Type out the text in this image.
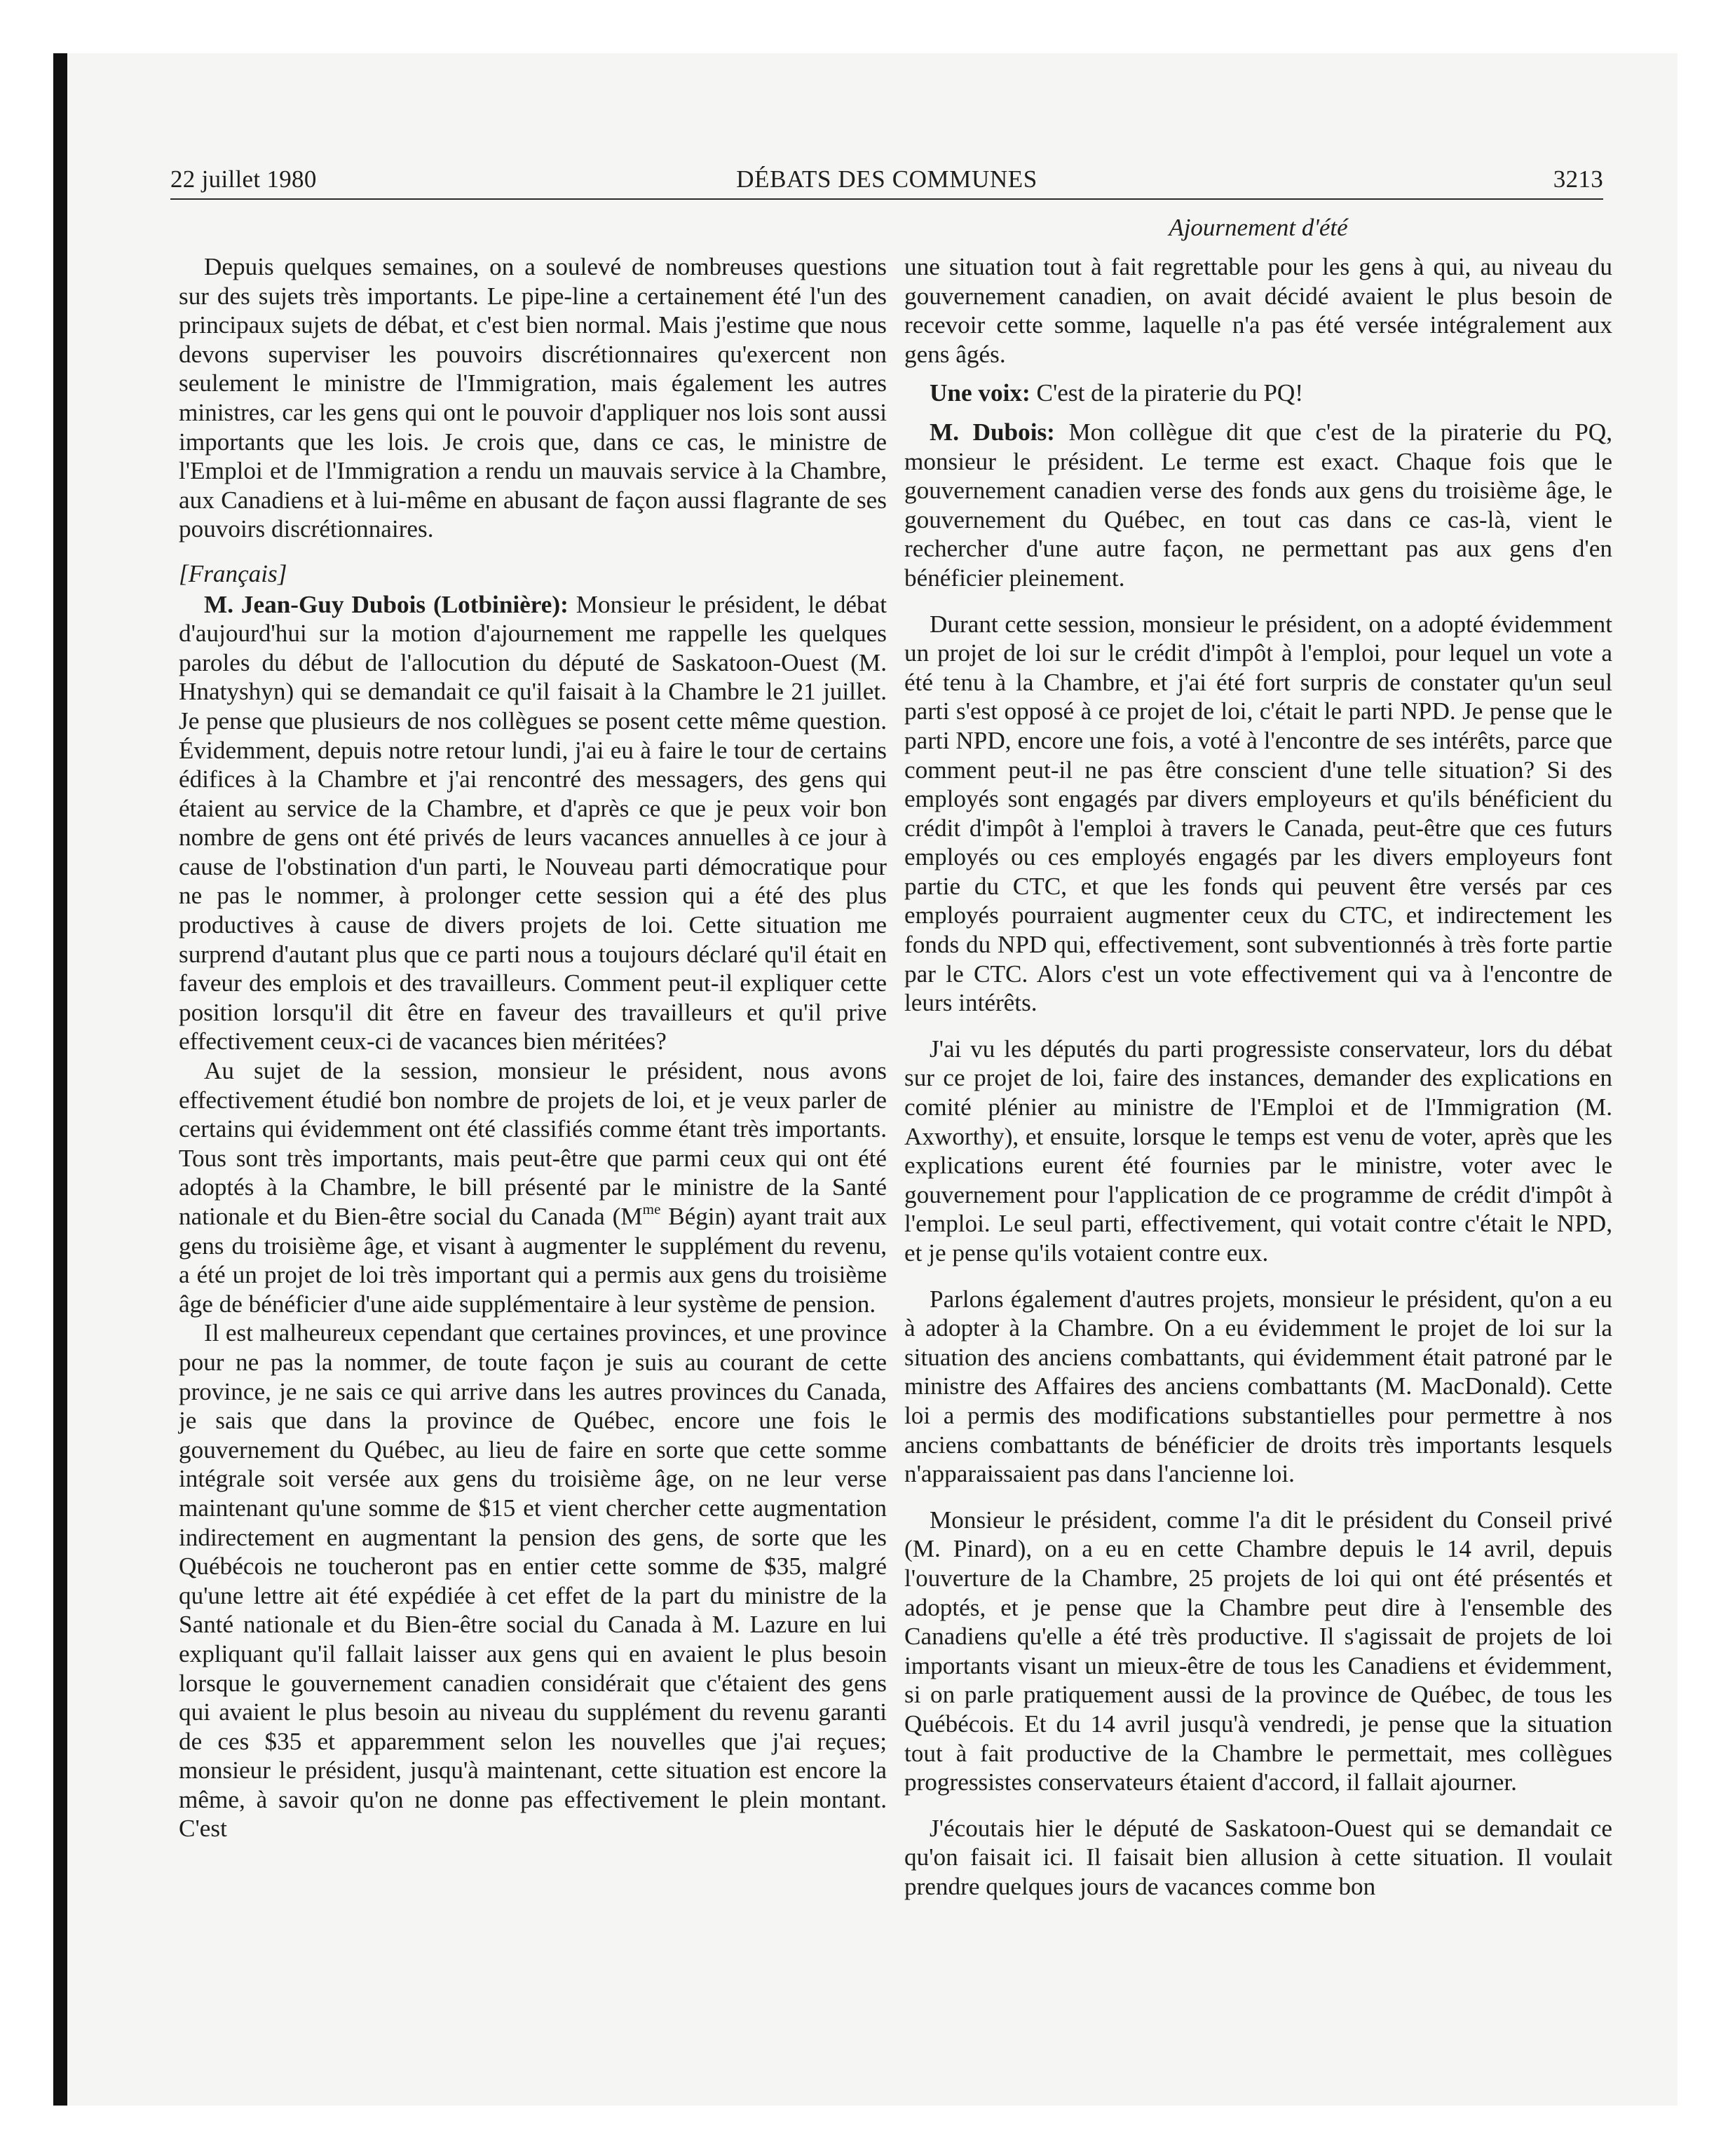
22 juillet 1980	DÉBATS DES COMMUNES	3213
Ajournement d'été

Depuis quelques semaines, on a soulevé de nombreuses questions sur des sujets très importants. Le pipe-line a certainement été l'un des principaux sujets de débat, et c'est bien normal. Mais j'estime que nous devons superviser les pouvoirs discrétionnaires qu'exercent non seulement le ministre de l'Immigration, mais également les autres ministres, car les gens qui ont le pouvoir d'appliquer nos lois sont aussi importants que les lois. Je crois que, dans ce cas, le ministre de l'Emploi et de l'Immigration a rendu un mauvais service à la Chambre, aux Canadiens et à lui-même en abusant de façon aussi flagrante de ses pouvoirs discrétionnaires.

[Français]

M. Jean-Guy Dubois (Lotbinière): Monsieur le président, le débat d'aujourd'hui sur la motion d'ajournement me rappelle les quelques paroles du début de l'allocution du député de Saskatoon-Ouest (M. Hnatyshyn) qui se demandait ce qu'il faisait à la Chambre le 21 juillet. Je pense que plusieurs de nos collègues se posent cette même question. Évidemment, depuis notre retour lundi, j'ai eu à faire le tour de certains édifices à la Chambre et j'ai rencontré des messagers, des gens qui étaient au service de la Chambre, et d'après ce que je peux voir bon nombre de gens ont été privés de leurs vacances annuelles à ce jour à cause de l'obstination d'un parti, le Nouveau parti démocratique pour ne pas le nommer, à prolonger cette session qui a été des plus productives à cause de divers projets de loi. Cette situation me surprend d'autant plus que ce parti nous a toujours déclaré qu'il était en faveur des emplois et des travailleurs. Comment peut-il expliquer cette position lorsqu'il dit être en faveur des travailleurs et qu'il prive effectivement ceux-ci de vacances bien méritées?

Au sujet de la session, monsieur le président, nous avons effectivement étudié bon nombre de projets de loi, et je veux parler de certains qui évidemment ont été classifiés comme étant très importants. Tous sont très importants, mais peut-être que parmi ceux qui ont été adoptés à la Chambre, le bill présenté par le ministre de la Santé nationale et du Bien-être social du Canada ($M^{me}$ Bégin) ayant trait aux gens du troisième âge, et visant à augmenter le supplément du revenu, a été un projet de loi très important qui a permis aux gens du troisième âge de bénéficier d'une aide supplémentaire à leur système de pension.

Il est malheureux cependant que certaines provinces, et une province pour ne pas la nommer, de toute façon je suis au courant de cette province, je ne sais ce qui arrive dans les autres provinces du Canada, je sais que dans la province de Québec, encore une fois le gouvernement du Québec, au lieu de faire en sorte que cette somme intégrale soit versée aux gens du troisième âge, on ne leur verse maintenant qu'une somme de $15 et vient chercher cette augmentation indirectement en augmentant la pension des gens, de sorte que les Québécois ne toucheront pas en entier cette somme de $35, malgré qu'une lettre ait été expédiée à cet effet de la part du ministre de la Santé nationale et du Bien-être social du Canada à M. Lazure en lui expliquant qu'il fallait laisser aux gens qui en avaient le plus besoin lorsque le gouvernement canadien considérait que c'étaient des gens qui avaient le plus besoin au niveau du supplément du revenu garanti de ces $35 et apparemment selon les nouvelles que j'ai reçues; monsieur le président, jusqu'à maintenant, cette situation est encore la même, à savoir qu'on ne donne pas effectivement le plein montant. C'est

une situation tout à fait regrettable pour les gens à qui, au niveau du gouvernement canadien, on avait décidé avaient le plus besoin de recevoir cette somme, laquelle n'a pas été versée intégralement aux gens âgés.

Une voix: C'est de la piraterie du PQ!

M. Dubois: Mon collègue dit que c'est de la piraterie du PQ, monsieur le président. Le terme est exact. Chaque fois que le gouvernement canadien verse des fonds aux gens du troisième âge, le gouvernement du Québec, en tout cas dans ce cas-là, vient le rechercher d'une autre façon, ne permettant pas aux gens d'en bénéficier pleinement.

Durant cette session, monsieur le président, on a adopté évidemment un projet de loi sur le crédit d'impôt à l'emploi, pour lequel un vote a été tenu à la Chambre, et j'ai été fort surpris de constater qu'un seul parti s'est opposé à ce projet de loi, c'était le parti NPD. Je pense que le parti NPD, encore une fois, a voté à l'encontre de ses intérêts, parce que comment peut-il ne pas être conscient d'une telle situation? Si des employés sont engagés par divers employeurs et qu'ils bénéficient du crédit d'impôt à l'emploi à travers le Canada, peut-être que ces futurs employés ou ces employés engagés par les divers employeurs font partie du CTC, et que les fonds qui peuvent être versés par ces employés pourraient augmenter ceux du CTC, et indirectement les fonds du NPD qui, effectivement, sont subventionnés à très forte partie par le CTC. Alors c'est un vote effectivement qui va à l'encontre de leurs intérêts.

J'ai vu les députés du parti progressiste conservateur, lors du débat sur ce projet de loi, faire des instances, demander des explications en comité plénier au ministre de l'Emploi et de l'Immigration (M. Axworthy), et ensuite, lorsque le temps est venu de voter, après que les explications eurent été fournies par le ministre, voter avec le gouvernement pour l'application de ce programme de crédit d'impôt à l'emploi. Le seul parti, effectivement, qui votait contre c'était le NPD, et je pense qu'ils votaient contre eux.

Parlons également d'autres projets, monsieur le président, qu'on a eu à adopter à la Chambre. On a eu évidemment le projet de loi sur la situation des anciens combattants, qui évidemment était patroné par le ministre des Affaires des anciens combattants (M. MacDonald). Cette loi a permis des modifications substantielles pour permettre à nos anciens combattants de bénéficier de droits très importants lesquels n'apparaissaient pas dans l'ancienne loi.

Monsieur le président, comme l'a dit le président du Conseil privé (M. Pinard), on a eu en cette Chambre depuis le 14 avril, depuis l'ouverture de la Chambre, 25 projets de loi qui ont été présentés et adoptés, et je pense que la Chambre peut dire à l'ensemble des Canadiens qu'elle a été très productive. Il s'agissait de projets de loi importants visant un mieux-être de tous les Canadiens et évidemment, si on parle pratiquement aussi de la province de Québec, de tous les Québécois. Et du 14 avril jusqu'à vendredi, je pense que la situation tout à fait productive de la Chambre le permettait, mes collègues progressistes conservateurs étaient d'accord, il fallait ajourner.

J'écoutais hier le député de Saskatoon-Ouest qui se demandait ce qu'on faisait ici. Il faisait bien allusion à cette situation. Il voulait prendre quelques jours de vacances comme bon
